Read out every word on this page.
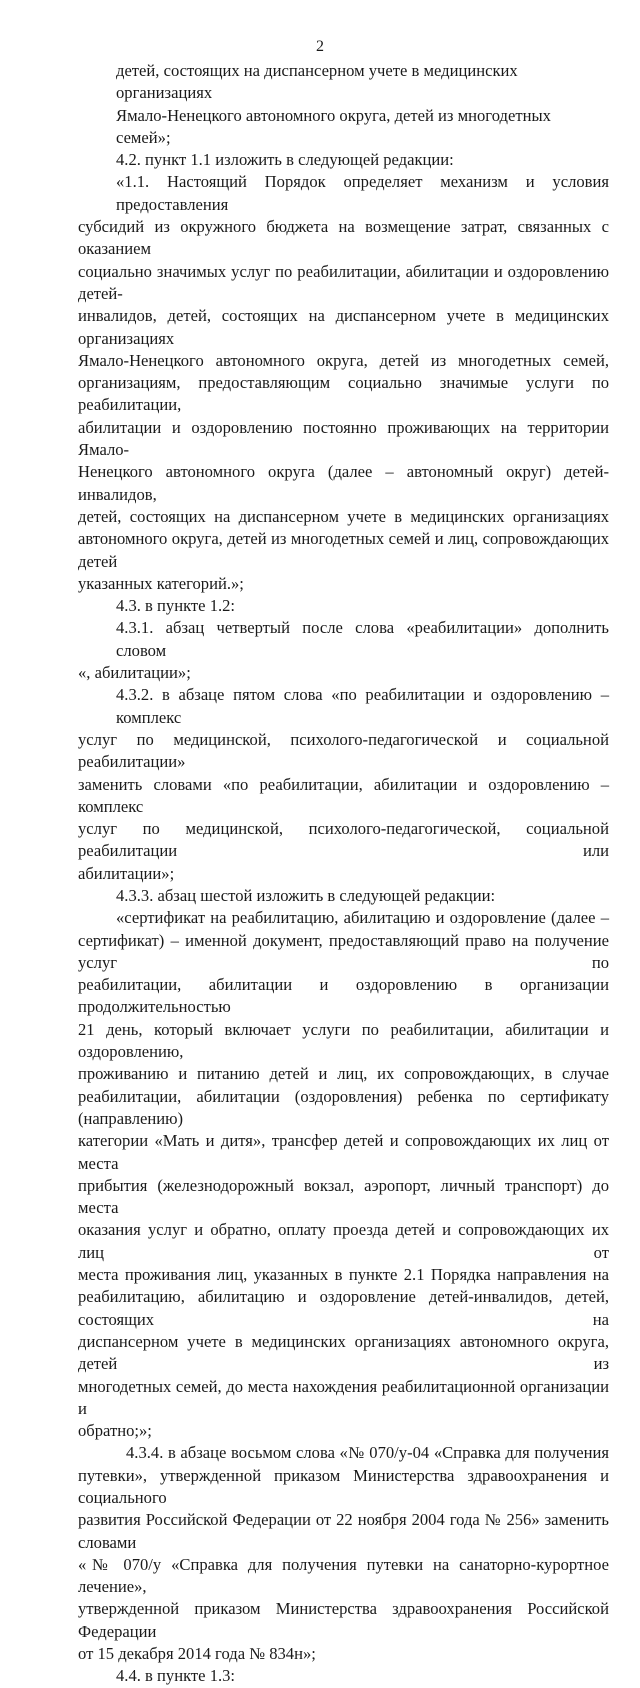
2

детей, состоящих на диспансерном учете в медицинских организациях

Ямало-Ненецкого автономного округа, детей из многодетных семей»;

4.2. пункт 1.1 изложить в следующей редакции:

«1.1. Настоящий Порядок определяет механизм и условия предоставления

субсидий из окружного бюджета на возмещение затрат, связанных с оказанием

социально значимых услуг по реабилитации, абилитации и оздоровлению детей-

инвалидов, детей, состоящих на диспансерном учете в медицинских организациях

Ямало-Ненецкого автономного округа, детей из многодетных семей,

организациям, предоставляющим социально значимые услуги по реабилитации,

абилитации и оздоровлению постоянно проживающих на территории Ямало-

Ненецкого автономного округа (далее – автономный округ) детей-инвалидов,

детей, состоящих на диспансерном учете в медицинских организациях

автономного округа, детей из многодетных семей и лиц, сопровождающих детей

указанных категорий.»;

4.3. в пункте 1.2:

4.3.1. абзац четвертый после слова «реабилитации» дополнить словом

«, абилитации»;

4.3.2. в абзаце пятом слова «по реабилитации и оздоровлению – комплекс

услуг по медицинской, психолого-педагогической и социальной реабилитации»

заменить словами «по реабилитации, абилитации и оздоровлению – комплекс

услуг по медицинской, психолого-педагогической, социальной реабилитации или

абилитации»;

4.3.3. абзац шестой изложить в следующей редакции:

«сертификат на реабилитацию, абилитацию и оздоровление (далее –

сертификат) – именной документ, предоставляющий право на получение услуг по

реабилитации, абилитации и оздоровлению в организации продолжительностью

21 день, который включает услуги по реабилитации, абилитации и оздоровлению,

проживанию и питанию детей и лиц, их сопровождающих, в случае

реабилитации, абилитации (оздоровления) ребенка по сертификату (направлению)

категории «Мать и дитя», трансфер детей и сопровождающих их лиц от места

прибытия (железнодорожный вокзал, аэропорт, личный транспорт) до места

оказания услуг и обратно, оплату проезда детей и сопровождающих их лиц от

места проживания лиц, указанных в пункте 2.1 Порядка направления на

реабилитацию, абилитацию и оздоровление детей-инвалидов, детей, состоящих на

диспансерном учете в медицинских организациях автономного округа, детей из

многодетных семей, до места нахождения реабилитационной организации и

обратно;»;

4.3.4. в абзаце восьмом слова «№ 070/у-04 «Справка для получения

путевки», утвержденной приказом Министерства здравоохранения и социального

развития Российской Федерации от 22 ноября 2004 года № 256» заменить словами

«№ 070/у «Справка для получения путевки на санаторно-курортное лечение»,

утвержденной приказом Министерства здравоохранения Российской Федерации

от 15 декабря 2014 года № 834н»;

4.4. в пункте 1.3:
